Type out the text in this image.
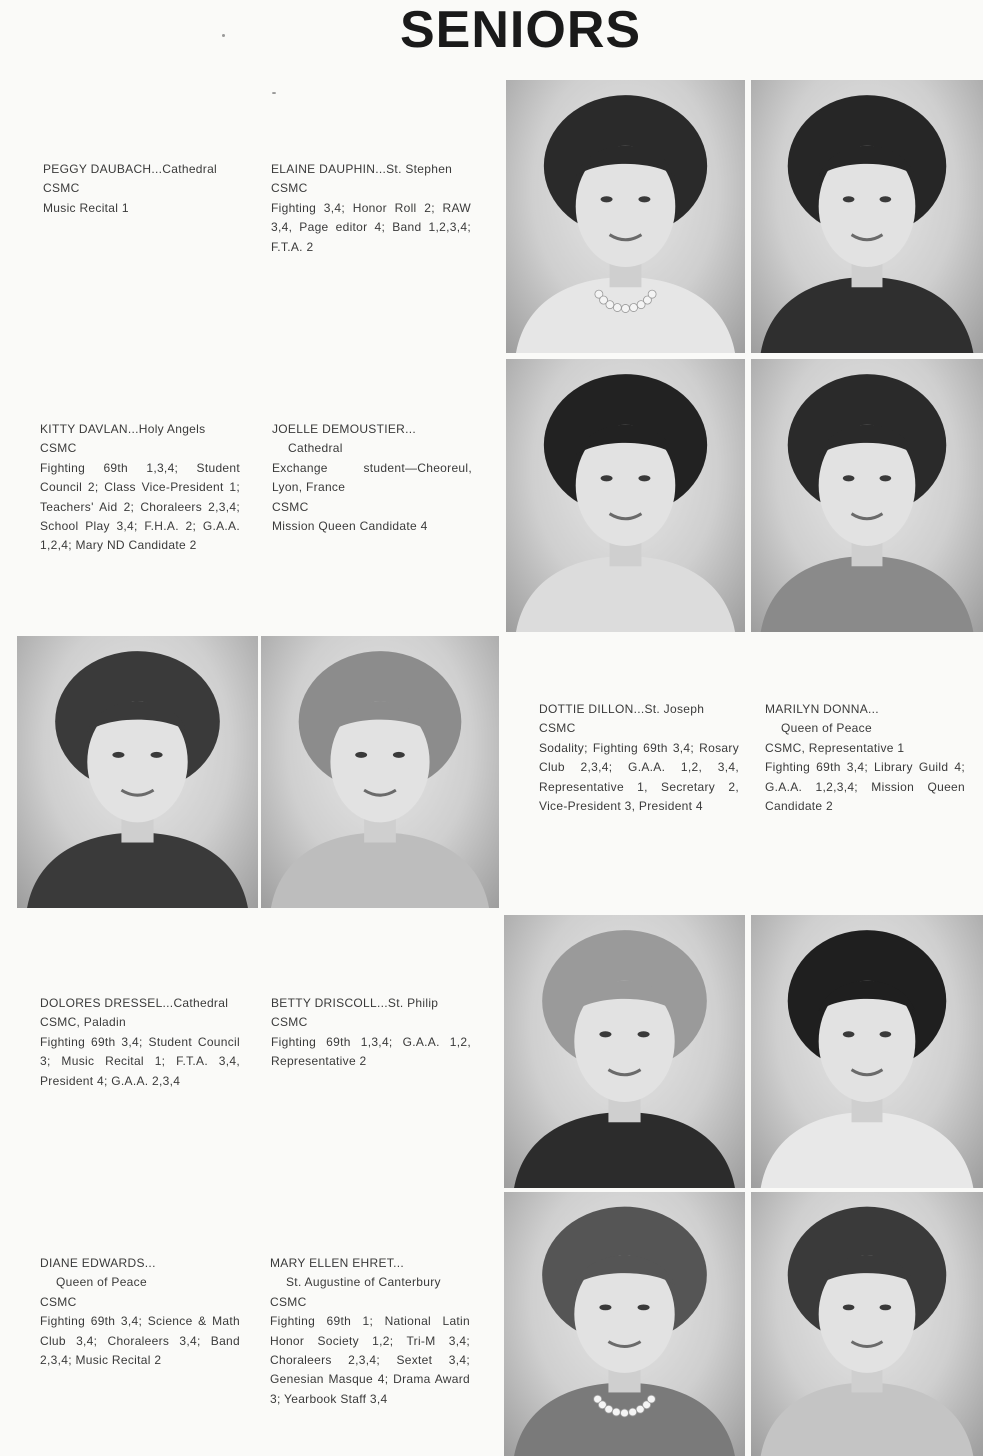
SENIORS
PEGGY DAUBACH...Cathedral
CSMC
Music Recital 1
ELAINE DAUPHIN...St. Stephen
CSMC
Fighting 3,4; Honor Roll 2; RAW 3,4, Page editor 4; Band 1,2,3,4; F.T.A. 2
KITTY DAVLAN...Holy Angels
CSMC
Fighting 69th 1,3,4; Student Council 2; Class Vice-President 1; Teachers' Aid 2; Choraleers 2,3,4; School Play 3,4; F.H.A. 2; G.A.A. 1,2,4; Mary ND Candidate 2
JOELLE DEMOUSTIER...
Cathedral
Exchange student—Cheoreul, Lyon, France
CSMC
Mission Queen Candidate 4
DOTTIE DILLON...St. Joseph
CSMC
Sodality; Fighting 69th 3,4; Rosary Club 2,3,4; G.A.A. 1,2, 3,4, Representative 1, Secretary 2, Vice-President 3, President 4
MARILYN DONNA...
Queen of Peace
CSMC, Representative 1
Fighting 69th 3,4; Library Guild 4; G.A.A. 1,2,3,4; Mission Queen Candidate 2
DOLORES DRESSEL...Cathedral
CSMC, Paladin
Fighting 69th 3,4; Student Council 3; Music Recital 1; F.T.A. 3,4, President 4; G.A.A. 2,3,4
BETTY DRISCOLL...St. Philip
CSMC
Fighting 69th 1,3,4; G.A.A. 1,2, Representative 2
DIANE EDWARDS...
Queen of Peace
CSMC
Fighting 69th 3,4; Science & Math Club 3,4; Choraleers 3,4; Band 2,3,4; Music Recital 2
MARY ELLEN EHRET...
St. Augustine of Canterbury
CSMC
Fighting 69th 1; National Latin Honor Society 1,2; Tri-M 3,4; Choraleers 2,3,4; Sextet 3,4; Genesian Masque 4; Drama Award 3; Yearbook Staff 3,4
